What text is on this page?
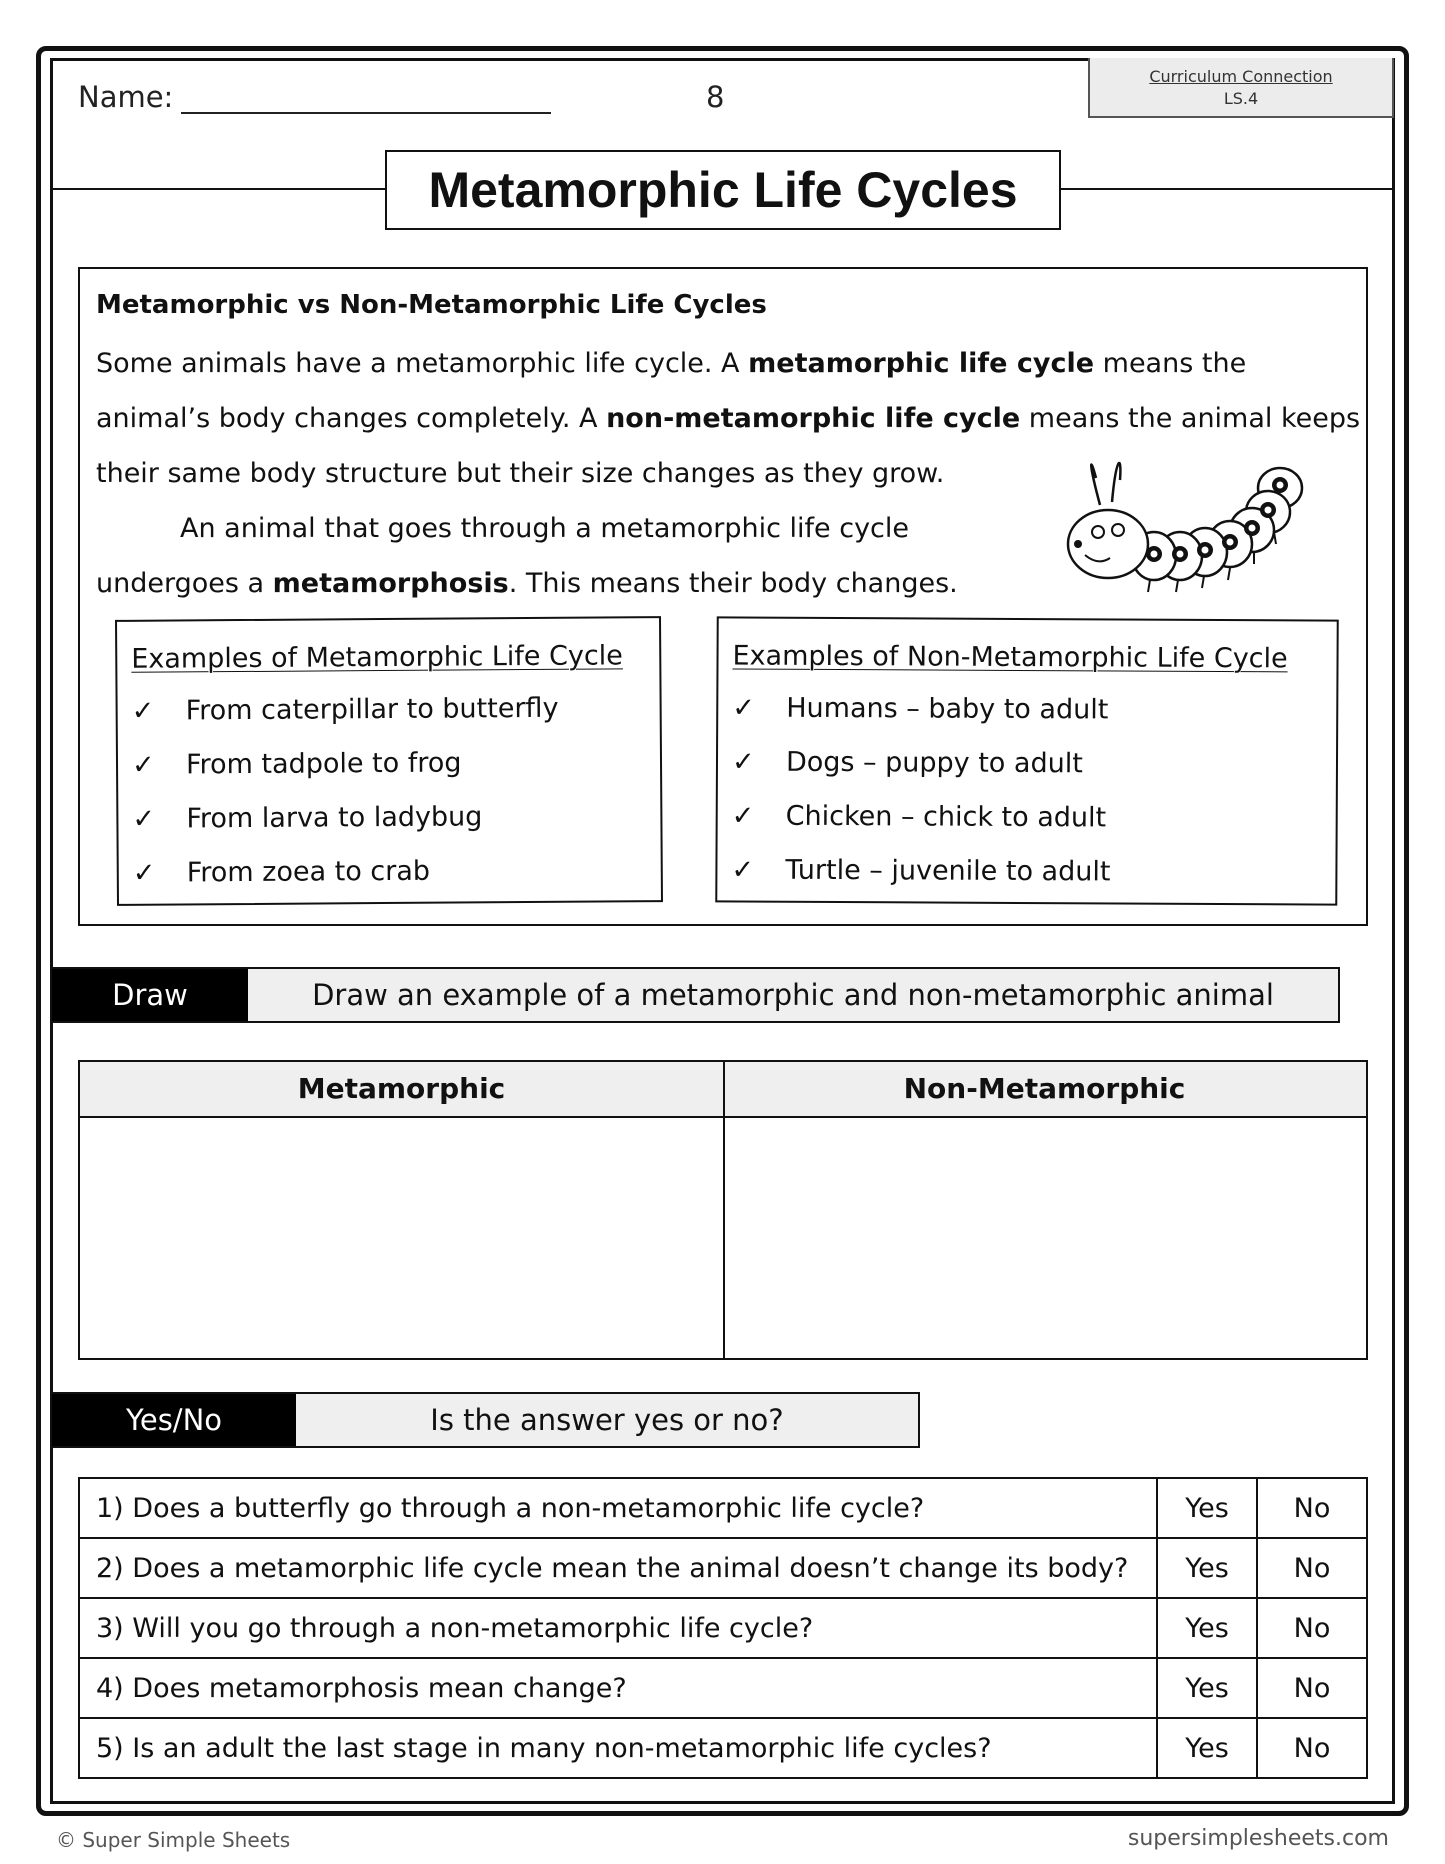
Name:	8
Curriculum Connection
LS.4
Metamorphic Life Cycles
Metamorphic vs Non-Metamorphic Life Cycles
Some animals have a metamorphic life cycle. A metamorphic life cycle means the animal’s body changes completely. A non-metamorphic life cycle means the animal keeps their same body structure but their size changes as they grow.
An animal that goes through a metamorphic life cycle
undergoes a metamorphosis. This means their body changes.
Examples of Metamorphic Life Cycle
✓ From caterpillar to butterfly
✓ From tadpole to frog
✓ From larva to ladybug
✓ From zoea to crab
Examples of Non-Metamorphic Life Cycle
✓ Humans – baby to adult
✓ Dogs – puppy to adult
✓ Chicken – chick to adult
✓ Turtle – juvenile to adult
Draw	Draw an example of a metamorphic and non-metamorphic animal
Metamorphic	Non-Metamorphic
Yes/No	Is the answer yes or no?
1) Does a butterfly go through a non-metamorphic life cycle?	Yes	No
2) Does a metamorphic life cycle mean the animal doesn’t change its body?	Yes	No
3) Will you go through a non-metamorphic life cycle?	Yes	No
4) Does metamorphosis mean change?	Yes	No
5) Is an adult the last stage in many non-metamorphic life cycles?	Yes	No
© Super Simple Sheets	supersimplesheets.com
